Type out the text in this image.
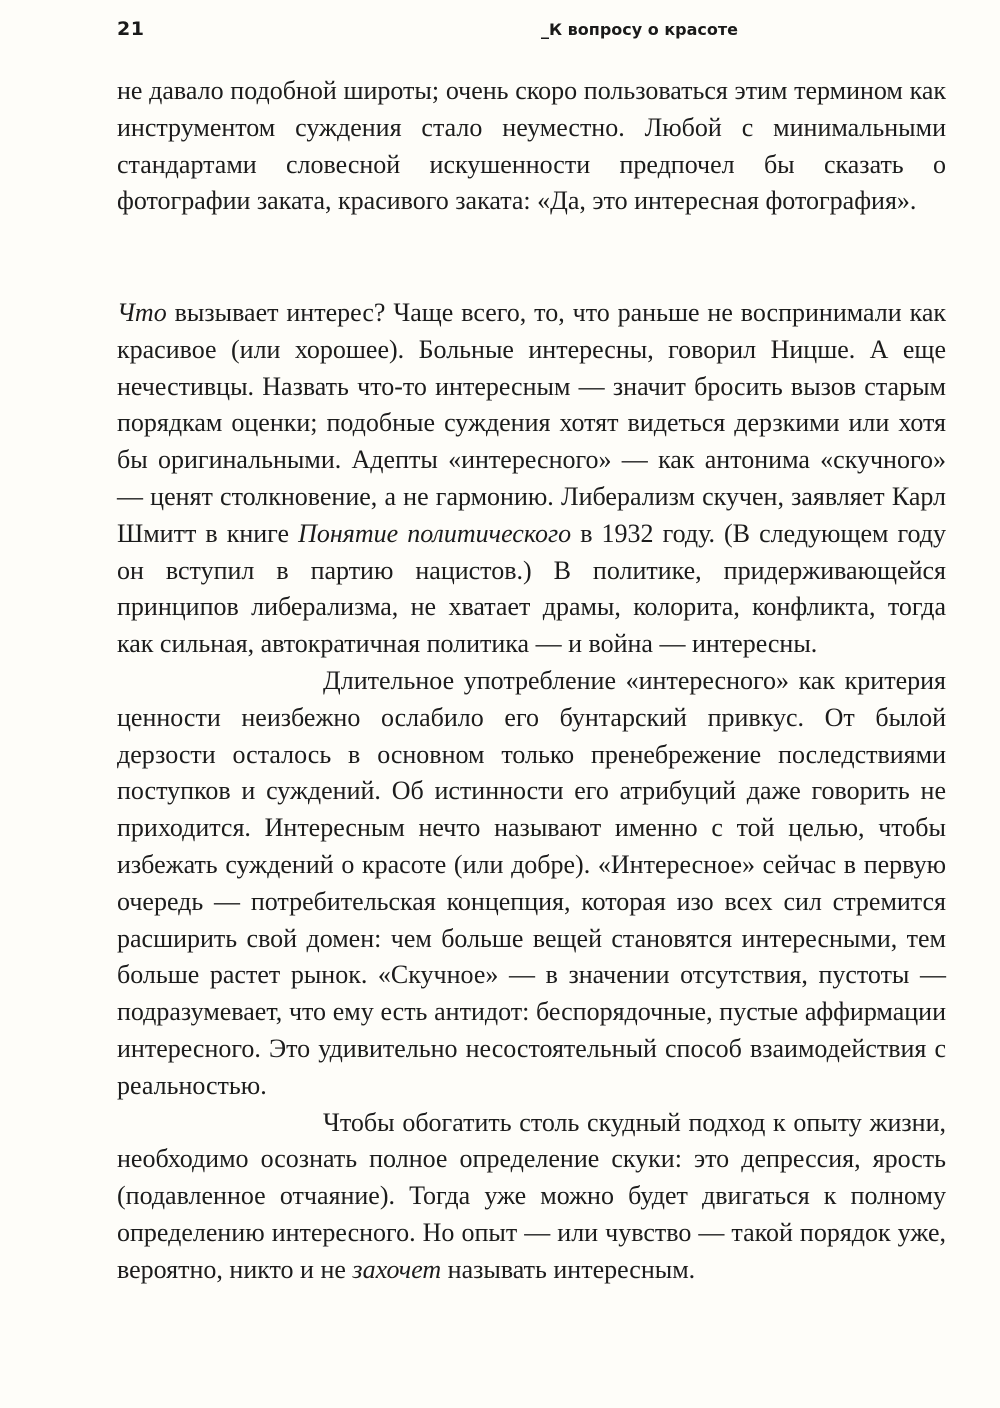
21	_К вопросу о красоте

не давало подобной широты; очень скоро пользоваться этим термином как инструментом суждения стало неуместно. Любой с минимальными стандартами словесной искушенности предпочел бы сказать о фотографии заката, красивого заката: «Да, это интересная фотография».

Что вызывает интерес? Чаще всего, то, что раньше не воспринимали как красивое (или хорошее). Больные интересны, говорил Ницше. А еще нечестивцы. Назвать что-то интересным — значит бросить вызов старым порядкам оценки; подобные суждения хотят видеться дерзкими или хотя бы оригинальными. Адепты «интересного» — как антонима «скучного» — ценят столкновение, а не гармонию. Либерализм скучен, заявляет Карл Шмитт в книге Понятие политического в 1932 году. (В следующем году он вступил в партию нацистов.) В политике, придерживающейся принципов либерализма, не хватает драмы, колорита, конфликта, тогда как сильная, автократичная политика — и война — интересны.

Длительное употребление «интересного» как критерия ценности неизбежно ослабило его бунтарский привкус. От былой дерзости осталось в основном только пренебрежение последствиями поступков и суждений. Об истинности его атрибуций даже говорить не приходится. Интересным нечто называют именно с той целью, чтобы избежать суждений о красоте (или добре). «Интересное» сейчас в первую очередь — потребительская концепция, которая изо всех сил стремится расширить свой домен: чем больше вещей становятся интересными, тем больше растет рынок. «Скучное» — в значении отсутствия, пустоты — подразумевает, что ему есть антидот: беспорядочные, пустые аффирмации интересного. Это удивительно несостоятельный способ взаимодействия с реальностью.

Чтобы обогатить столь скудный подход к опыту жизни, необходимо осознать полное определение скуки: это депрессия, ярость (подавленное отчаяние). Тогда уже можно будет двигаться к полному определению интересного. Но опыт — или чувство — такой порядок уже, вероятно, никто и не захочет называть интересным.
